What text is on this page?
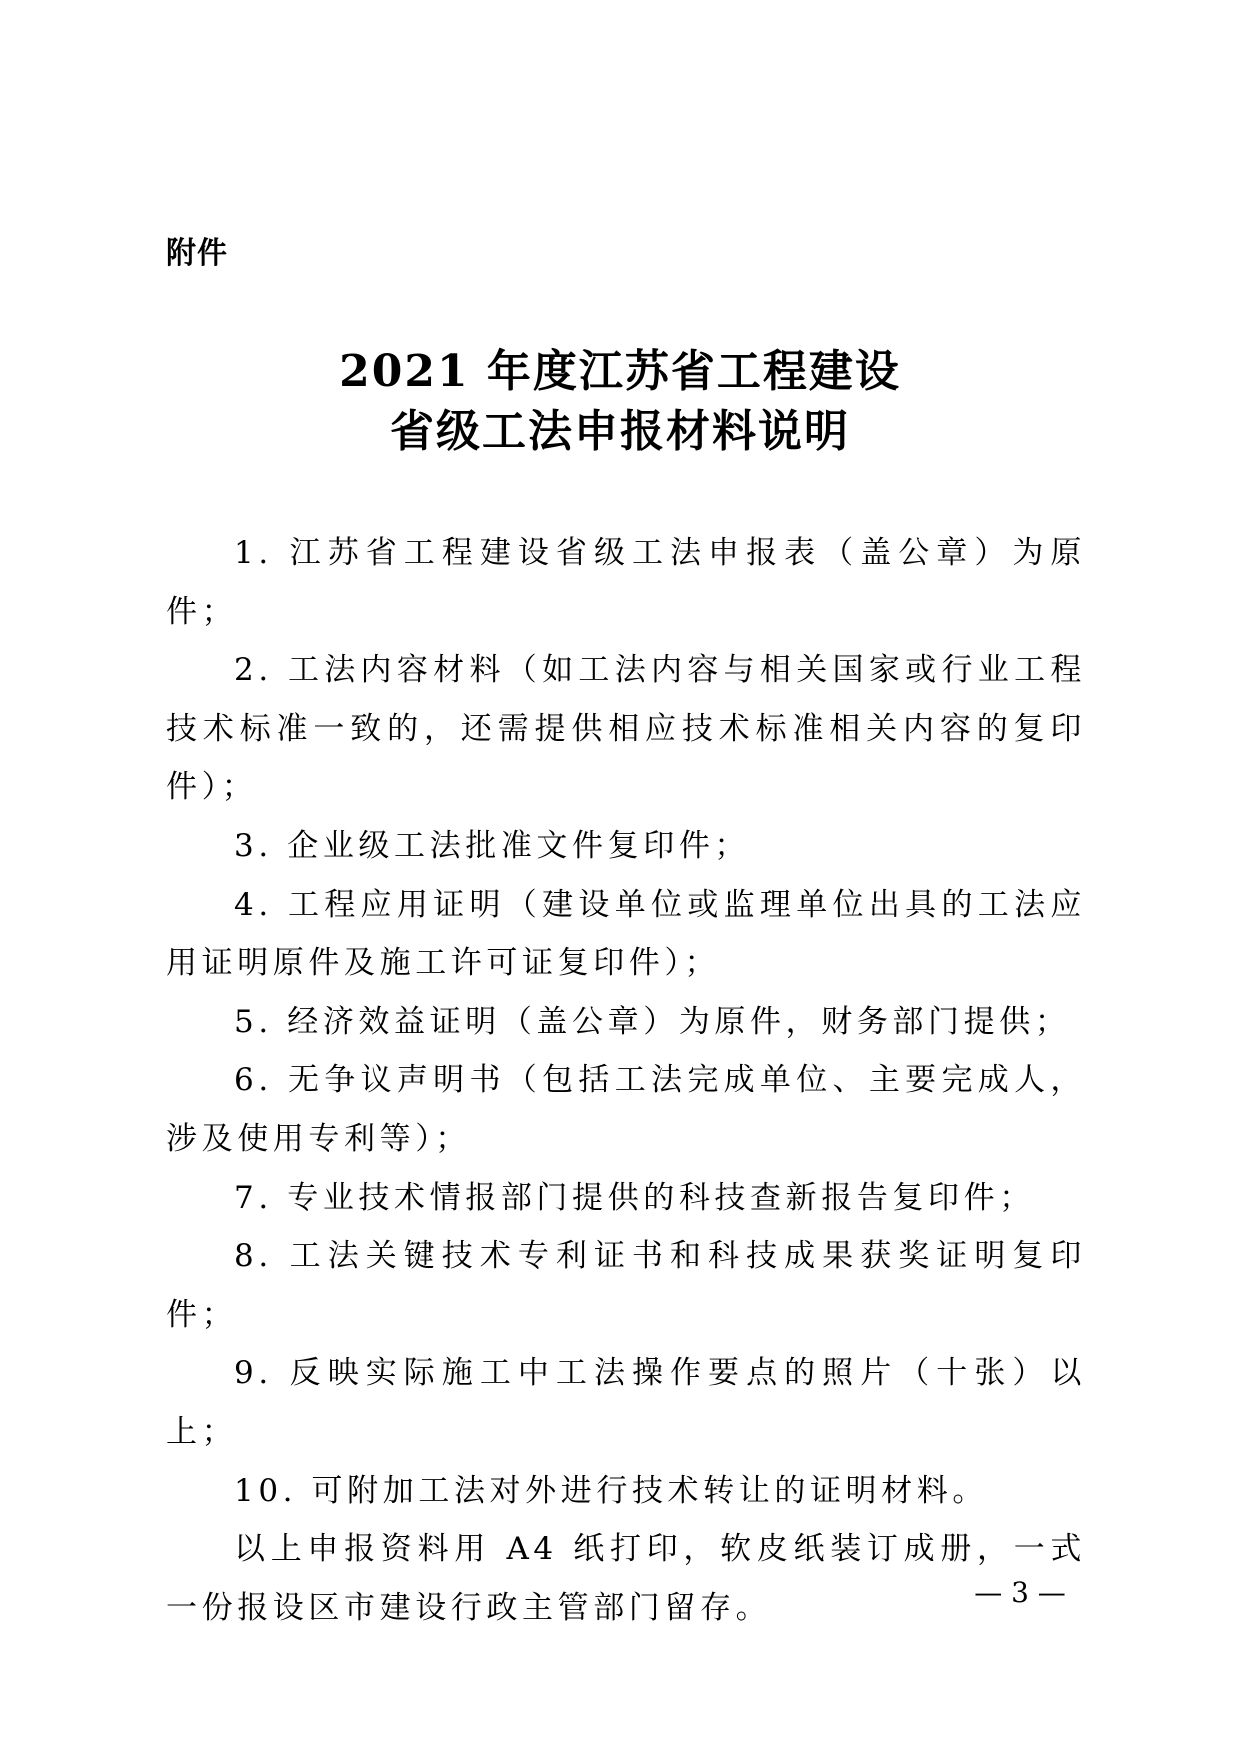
附件
2021 年度江苏省工程建设
省级工法申报材料说明

1. 江苏省工程建设省级工法申报表（盖公章）为原件；

2. 工法内容材料（如工法内容与相关国家或行业工程技术标准一致的，还需提供相应技术标准相关内容的复印件）；

3. 企业级工法批准文件复印件；

4. 工程应用证明（建设单位或监理单位出具的工法应用证明原件及施工许可证复印件）；

5. 经济效益证明（盖公章）为原件，财务部门提供；

6. 无争议声明书（包括工法完成单位、主要完成人，涉及使用专利等）；

7. 专业技术情报部门提供的科技查新报告复印件；

8. 工法关键技术专利证书和科技成果获奖证明复印件；

9. 反映实际施工中工法操作要点的照片（十张）以上；

10. 可附加工法对外进行技术转让的证明材料。

以上申报资料用 A4 纸打印，软皮纸装订成册，一式一份报设区市建设行政主管部门留存。	— 3 —
